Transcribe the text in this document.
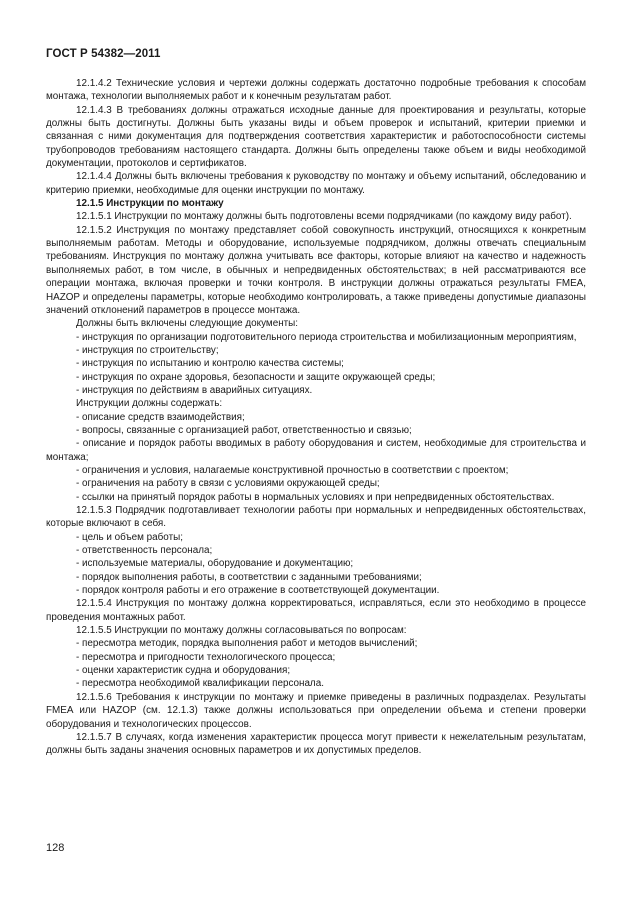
ГОСТ Р 54382—2011

12.1.4.2 Технические условия и чертежи должны содержать достаточно подробные требования к способам монтажа, технологии выполняемых работ и к конечным результатам работ.

12.1.4.3 В требованиях должны отражаться исходные данные для проектирования и результаты, которые должны быть достигнуты. Должны быть указаны виды и объем проверок и испытаний, критерии приемки и связанная с ними документация для подтверждения соответствия характеристик и работоспособности системы трубопроводов требованиям настоящего стандарта. Должны быть определены также объем и виды необходимой документации, протоколов и сертификатов.

12.1.4.4 Должны быть включены требования к руководству по монтажу и объему испытаний, обследованию и критерию приемки, необходимые для оценки инструкции по монтажу.

12.1.5 Инструкции по монтажу

12.1.5.1 Инструкции по монтажу должны быть подготовлены всеми подрядчиками (по каждому виду работ).

12.1.5.2 Инструкция по монтажу представляет собой совокупность инструкций, относящихся к конкретным выполняемым работам. Методы и оборудование, используемые подрядчиком, должны отвечать специальным требованиям. Инструкция по монтажу должна учитывать все факторы, которые влияют на качество и надежность выполняемых работ, в том числе, в обычных и непредвиденных обстоятельствах; в ней рассматриваются все операции монтажа, включая проверки и точки контроля. В инструкции должны отражаться результаты FMEA, HAZOP и определены параметры, которые необходимо контролировать, а также приведены допустимые диапазоны значений отклонений параметров в процессе монтажа.

Должны быть включены следующие документы:

- инструкция по организации подготовительного периода строительства и мобилизационным мероприятиям,

- инструкция по строительству;

- инструкция по испытанию и контролю качества системы;

- инструкция по охране здоровья, безопасности и защите окружающей среды;

- инструкция по действиям в аварийных ситуациях.

Инструкции должны содержать:

- описание средств взаимодействия;

- вопросы, связанные с организацией работ, ответственностью и связью;

- описание и порядок работы вводимых в работу оборудования и систем, необходимые для строительства и монтажа;

- ограничения и условия, налагаемые конструктивной прочностью в соответствии с проектом;

- ограничения на работу в связи с условиями окружающей среды;

- ссылки на принятый порядок работы в нормальных условиях и при непредвиденных обстоятельствах.

12.1.5.3 Подрядчик подготавливает технологии работы при нормальных и непредвиденных обстоятельствах, которые включают в себя.

- цель и объем работы;

- ответственность персонала;

- используемые материалы, оборудование и документацию;

- порядок выполнения работы, в соответствии с заданными требованиями;

- порядок контроля работы и его отражение в соответствующей документации.

12.1.5.4 Инструкция по монтажу должна корректироваться, исправляться, если это необходимо в процессе проведения монтажных работ.

12.1.5.5 Инструкции по монтажу должны согласовываться по вопросам:

- пересмотра методик, порядка выполнения работ и методов вычислений;

- пересмотра и пригодности технологического процесса;

- оценки характеристик судна и оборудования;

- пересмотра необходимой квалификации персонала.

12.1.5.6 Требования к инструкции по монтажу и приемке приведены в различных подразделах. Результаты FMEA или HAZOP (см. 12.1.3) также должны использоваться при определении объема и степени проверки оборудования и технологических процессов.

12.1.5.7 В случаях, когда изменения характеристик процесса могут привести к нежелательным результатам, должны быть заданы значения основных параметров и их допустимых пределов.

128
